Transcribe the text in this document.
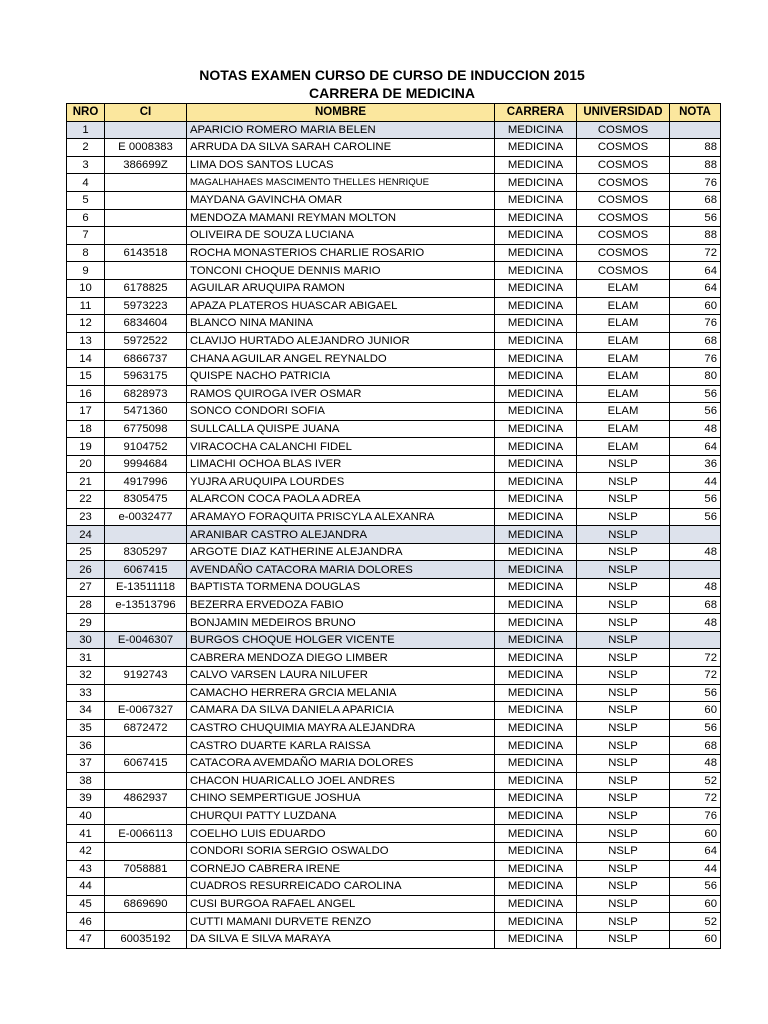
NOTAS EXAMEN CURSO DE CURSO DE INDUCCION 2015
CARRERA DE MEDICINA
NRO	CI	NOMBRE	CARRERA	UNIVERSIDAD	NOTA
1		APARICIO ROMERO MARIA BELEN	MEDICINA	COSMOS	
2	E 0008383	ARRUDA DA SILVA SARAH CAROLINE	MEDICINA	COSMOS	88
3	386699Z	LIMA DOS SANTOS LUCAS	MEDICINA	COSMOS	88
4		MAGALHAHAES MASCIMENTO THELLES HENRIQUE	MEDICINA	COSMOS	76
5		MAYDANA GAVINCHA OMAR	MEDICINA	COSMOS	68
6		MENDOZA MAMANI REYMAN MOLTON	MEDICINA	COSMOS	56
7		OLIVEIRA DE SOUZA LUCIANA	MEDICINA	COSMOS	88
8	6143518	ROCHA MONASTERIOS CHARLIE ROSARIO	MEDICINA	COSMOS	72
9		TONCONI CHOQUE DENNIS MARIO	MEDICINA	COSMOS	64
10	6178825	AGUILAR ARUQUIPA RAMON	MEDICINA	ELAM	64
11	5973223	APAZA PLATEROS HUASCAR ABIGAEL	MEDICINA	ELAM	60
12	6834604	BLANCO NINA MANINA	MEDICINA	ELAM	76
13	5972522	CLAVIJO HURTADO ALEJANDRO JUNIOR	MEDICINA	ELAM	68
14	6866737	CHANA AGUILAR ANGEL REYNALDO	MEDICINA	ELAM	76
15	5963175	QUISPE NACHO PATRICIA	MEDICINA	ELAM	80
16	6828973	RAMOS QUIROGA IVER OSMAR	MEDICINA	ELAM	56
17	5471360	SONCO CONDORI SOFIA	MEDICINA	ELAM	56
18	6775098	SULLCALLA QUISPE JUANA	MEDICINA	ELAM	48
19	9104752	VIRACOCHA CALANCHI FIDEL	MEDICINA	ELAM	64
20	9994684	LIMACHI OCHOA BLAS IVER	MEDICINA	NSLP	36
21	4917996	YUJRA ARUQUIPA LOURDES	MEDICINA	NSLP	44
22	8305475	ALARCON COCA PAOLA ADREA	MEDICINA	NSLP	56
23	e-0032477	ARAMAYO FORAQUITA PRISCYLA ALEXANRA	MEDICINA	NSLP	56
24		ARANIBAR CASTRO ALEJANDRA	MEDICINA	NSLP	
25	8305297	ARGOTE DIAZ KATHERINE ALEJANDRA	MEDICINA	NSLP	48
26	6067415	AVENDAÑO CATACORA MARIA DOLORES	MEDICINA	NSLP	
27	E-13511118	BAPTISTA TORMENA DOUGLAS	MEDICINA	NSLP	48
28	e-13513796	BEZERRA ERVEDOZA FABIO	MEDICINA	NSLP	68
29		BONJAMIN MEDEIROS BRUNO	MEDICINA	NSLP	48
30	E-0046307	BURGOS CHOQUE HOLGER VICENTE	MEDICINA	NSLP	
31		CABRERA MENDOZA DIEGO LIMBER	MEDICINA	NSLP	72
32	9192743	CALVO VARSEN LAURA NILUFER	MEDICINA	NSLP	72
33		CAMACHO HERRERA GRCIA MELANIA	MEDICINA	NSLP	56
34	E-0067327	CAMARA DA SILVA DANIELA APARICIA	MEDICINA	NSLP	60
35	6872472	CASTRO CHUQUIMIA MAYRA ALEJANDRA	MEDICINA	NSLP	56
36		CASTRO DUARTE KARLA RAISSA	MEDICINA	NSLP	68
37	6067415	CATACORA AVEMDAÑO MARIA DOLORES	MEDICINA	NSLP	48
38		CHACON HUARICALLO JOEL ANDRES	MEDICINA	NSLP	52
39	4862937	CHINO SEMPERTIGUE JOSHUA	MEDICINA	NSLP	72
40		CHURQUI PATTY LUZDANA	MEDICINA	NSLP	76
41	E-0066113	COELHO LUIS EDUARDO	MEDICINA	NSLP	60
42		CONDORI SORIA SERGIO OSWALDO	MEDICINA	NSLP	64
43	7058881	CORNEJO CABRERA IRENE	MEDICINA	NSLP	44
44		CUADROS RESURREICADO CAROLINA	MEDICINA	NSLP	56
45	6869690	CUSI BURGOA RAFAEL ANGEL	MEDICINA	NSLP	60
46		CUTTI MAMANI DURVETE RENZO	MEDICINA	NSLP	52
47	60035192	DA SILVA E SILVA MARAYA	MEDICINA	NSLP	60
